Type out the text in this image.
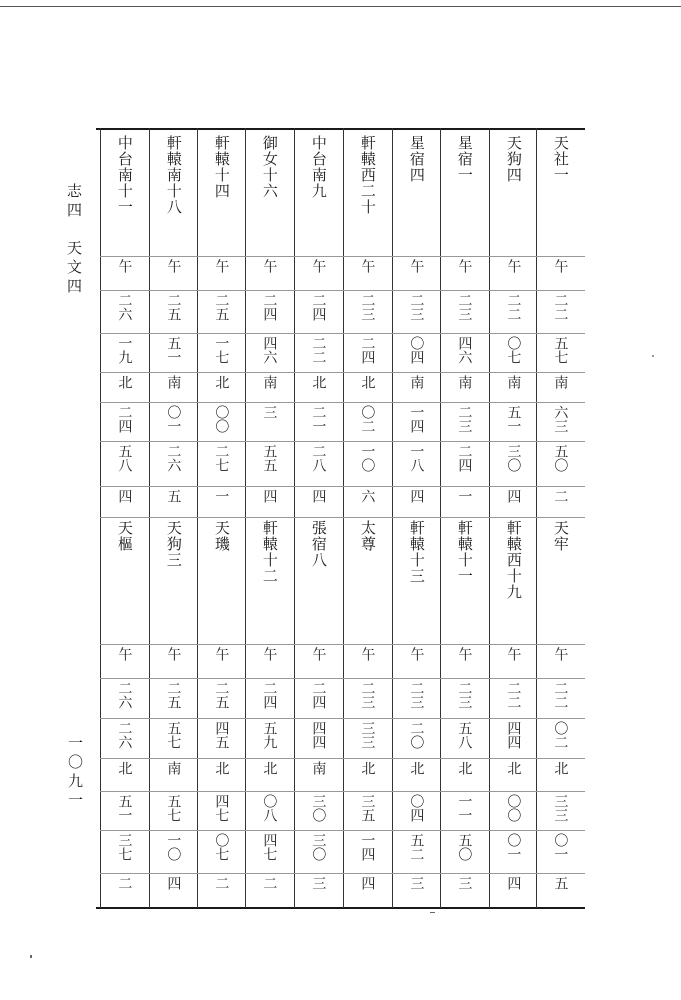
志四　天文四
一〇九一
天社一
午
二二
五七
南
六三
五〇
二
天牢
午
二二
〇二
北
三三
〇一
五
天狗四
午
二二
〇七
南
五一
三〇
四
軒轅西十九
午
二二
四四
北
〇〇
〇一
四
星宿一
午
二三
四六
南
二三
二四
一
軒轅十一
午
二三
五八
北
一一
五〇
三
星宿四
午
二三
〇四
南
一四
一八
四
軒轅十三
午
二三
二〇
北
〇四
五二
三
軒轅西二十
午
二三
二四
北
〇二
一〇
六
太尊
午
二三
三三
北
三五
一四
四
中台南九
午
二四
二二
北
二一
二八
四
張宿八
午
二四
四四
南
三〇
三〇
三
御女十六
午
二四
四六
南
三
五五
四
軒轅十二
午
二四
五九
北
〇八
四七
二
軒轅十四
午
二五
一七
北
〇〇
二七
一
天璣
午
二五
四五
北
四七
〇七
二
軒轅南十八
午
二五
五一
南
〇一
二六
五
天狗三
午
二五
五七
南
五七
一〇
四
中台南十一
午
二六
一九
北
二四
五八
四
天樞
午
二六
二六
北
五一
三七
二
